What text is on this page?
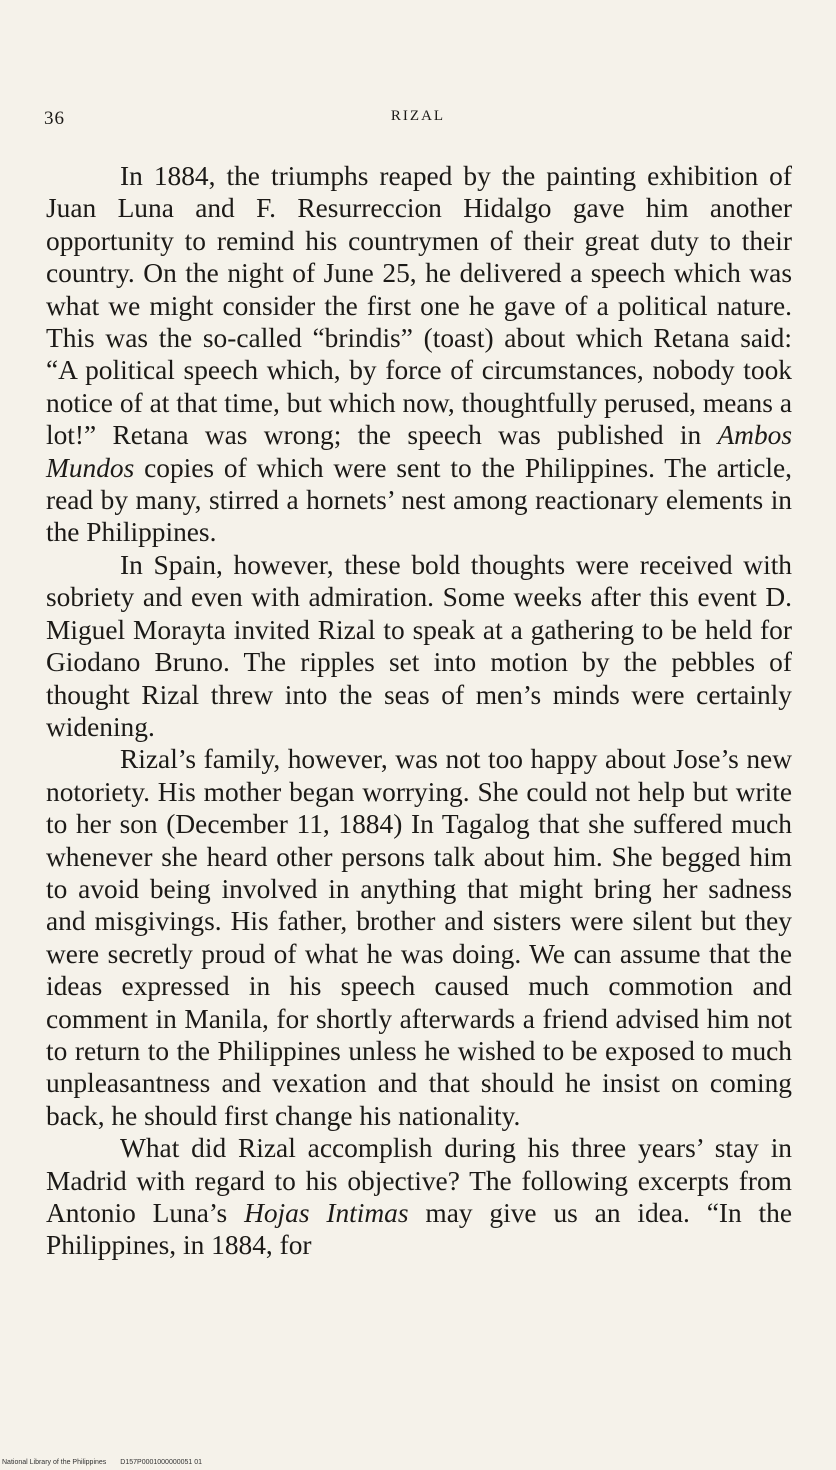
36	RIZAL

In 1884, the triumphs reaped by the painting exhibition of Juan Luna and F. Resurreccion Hidalgo gave him another opportunity to remind his countrymen of their great duty to their country. On the night of June 25, he delivered a speech which was what we might consider the first one he gave of a political nature. This was the so-called “brindis” (toast) about which Retana said: “A political speech which, by force of circumstances, nobody took notice of at that time, but which now, thoughtfully perused, means a lot!” Retana was wrong; the speech was published in Ambos Mundos copies of which were sent to the Philippines. The article, read by many, stirred a hornets’ nest among reactionary elements in the Philippines.

In Spain, however, these bold thoughts were received with sobriety and even with admiration. Some weeks after this event D. Miguel Morayta invited Rizal to speak at a gathering to be held for Giodano Bruno. The ripples set into motion by the pebbles of thought Rizal threw into the seas of men’s minds were certainly widening.

Rizal’s family, however, was not too happy about Jose’s new notoriety. His mother began worrying. She could not help but write to her son (December 11, 1884) In Tagalog that she suffered much whenever she heard other persons talk about him. She begged him to avoid being involved in anything that might bring her sadness and misgivings. His father, brother and sisters were silent but they were secretly proud of what he was doing. We can assume that the ideas expressed in his speech caused much commotion and comment in Manila, for shortly afterwards a friend advised him not to return to the Philippines unless he wished to be exposed to much unpleasantness and vexation and that should he insist on coming back, he should first change his nationality.

What did Rizal accomplish during his three years’ stay in Madrid with regard to his objective? The following excerpts from Antonio Luna’s Hojas Intimas may give us an idea. “In the Philippines, in 1884, for

National Library of the Philippines D157P0001000000051 01
